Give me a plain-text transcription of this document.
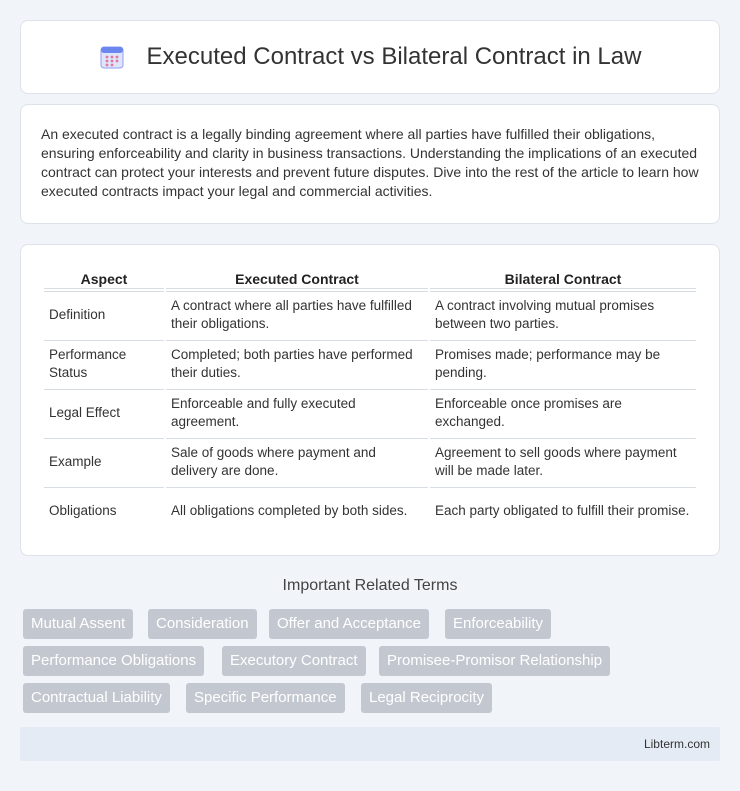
Executed Contract vs Bilateral Contract in Law

An executed contract is a legally binding agreement where all parties have fulfilled their obligations, ensuring enforceability and clarity in business transactions. Understanding the implications of an executed contract can protect your interests and prevent future disputes. Dive into the rest of the article to learn how executed contracts impact your legal and commercial activities.

Aspect	Executed Contract	Bilateral Contract
Definition	A contract where all parties have fulfilled their obligations.	A contract involving mutual promises between two parties.
Performance Status	Completed; both parties have performed their duties.	Promises made; performance may be pending.
Legal Effect	Enforceable and fully executed agreement.	Enforceable once promises are exchanged.
Example	Sale of goods where payment and delivery are done.	Agreement to sell goods where payment will be made later.
Obligations	All obligations completed by both sides.	Each party obligated to fulfill their promise.
Important Related Terms
Mutual Assent	Consideration	Offer and Acceptance	Enforceability
Performance Obligations	Executory Contract	Promisee-Promisor Relationship
Contractual Liability	Specific Performance	Legal Reciprocity
Libterm.com
